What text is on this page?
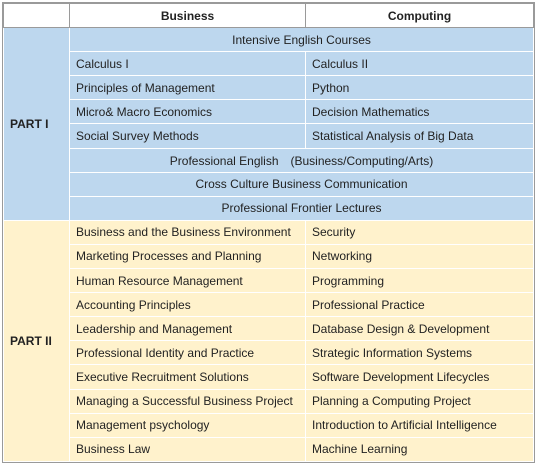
	Business	Computing
PART I	Intensive English Courses	
	Calculus I	Calculus II
	Principles of Management	Python
	Micro& Macro Economics	Decision Mathematics
	Social Survey Methods	Statistical Analysis of Big Data
	Professional English　(Business/Computing/Arts)	
	Cross Culture Business Communication	
	Professional Frontier Lectures	
PART II	Business and the Business Environment	Security
	Marketing Processes and Planning	Networking
	Human Resource Management	Programming
	Accounting Principles	Professional Practice
	Leadership and Management	Database Design & Development
	Professional Identity and Practice	Strategic Information Systems
	Executive Recruitment Solutions	Software Development Lifecycles
	Managing a Successful Business Project	Planning a Computing Project
	Management psychology	Introduction to Artificial Intelligence
	Business Law	Machine Learning
